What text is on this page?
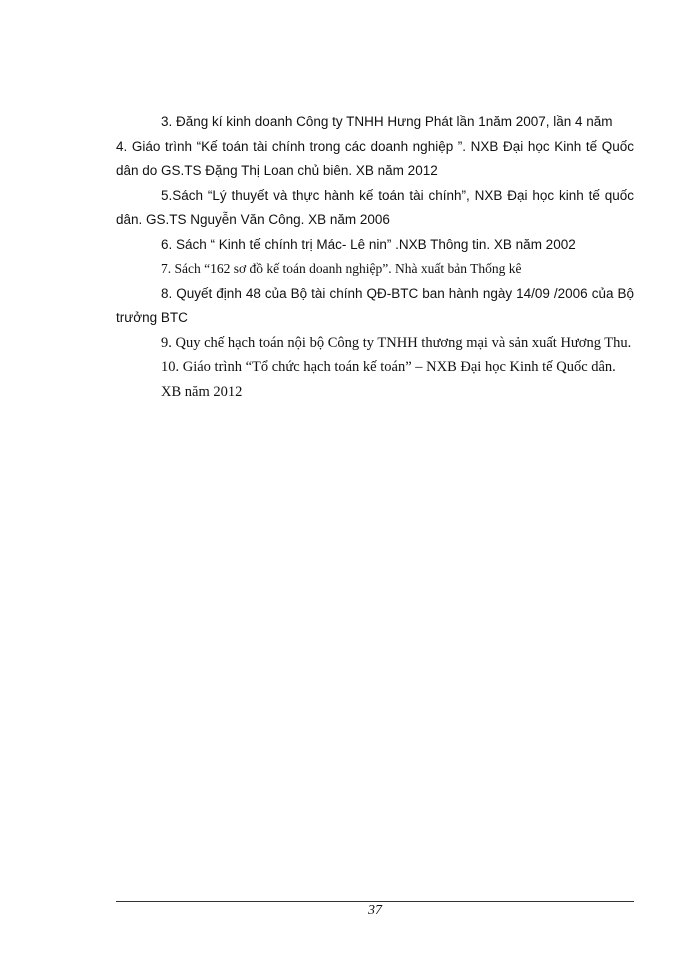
3. Đăng kí kinh doanh Công ty TNHH Hưng Phát lần 1năm 2007, lần 4 năm

4. Giáo trình “Kế toán tài chính trong các doanh nghiệp ”. NXB Đại học Kinh tế Quốc dân do GS.TS Đặng Thị Loan chủ biên. XB năm 2012

5.Sách “Lý thuyết và thực hành kế toán tài chính”, NXB Đại học kinh tế quốc dân. GS.TS Nguyễn Văn Công. XB năm 2006

6. Sách “ Kinh tế chính trị Mác- Lê nin” .NXB Thông tin. XB năm 2002

7. Sách “162 sơ đồ kế toán doanh nghiệp”. Nhà xuất bản Thống kê

8. Quyết định 48 của Bộ tài chính QĐ-BTC ban hành ngày 14/09 /2006 của Bộ trưởng BTC

9. Quy chế hạch toán nội bộ Công ty TNHH thương mại và sản xuất Hương Thu.

10. Giáo trình “Tổ chức hạch toán kế toán” – NXB Đại học Kinh tế Quốc dân.

XB năm 2012

37
